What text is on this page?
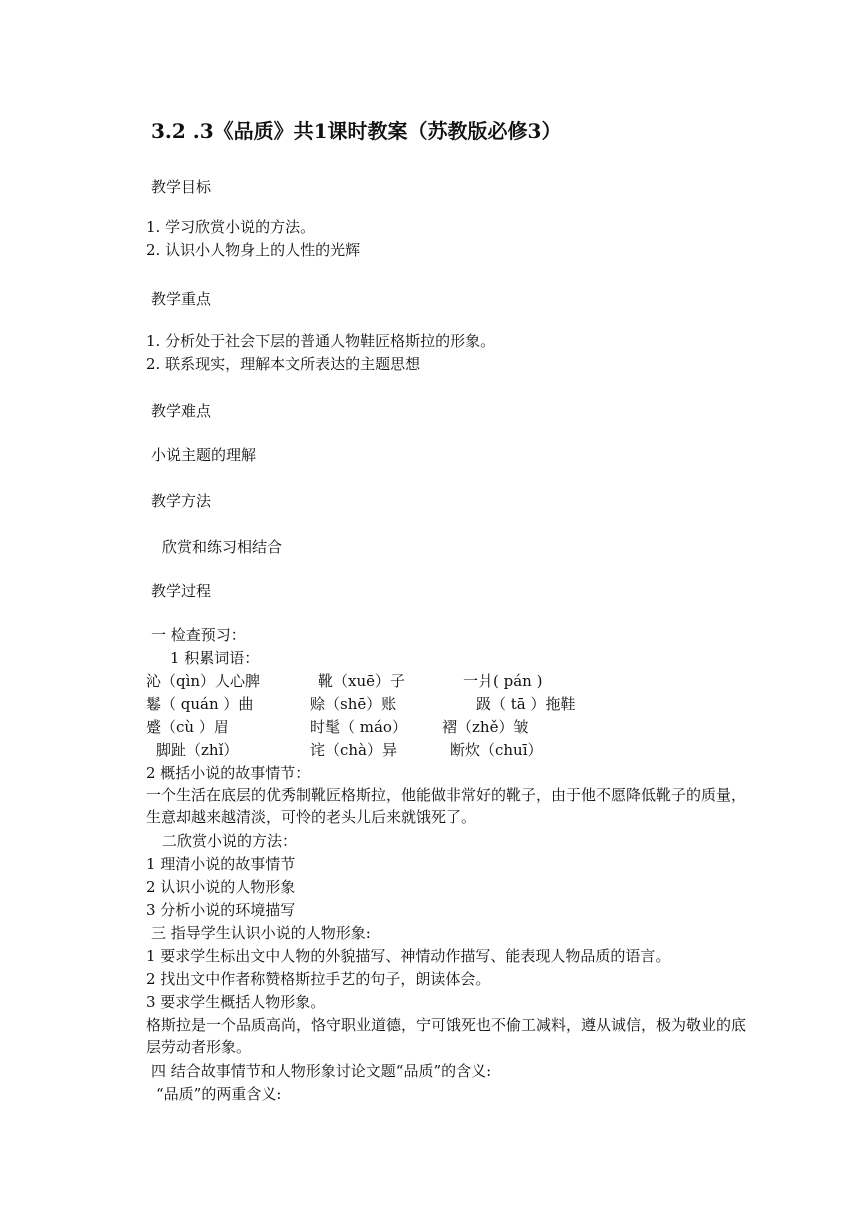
3.2 .3《品质》共1课时教案（苏教版必修3）
教学目标
1. 学习欣赏小说的方法。
2. 认识小人物身上的人性的光辉
教学重点
1. 分析处于社会下层的普通人物鞋匠格斯拉的形象。
2. 联系现实，理解本文所表达的主题思想
教学难点
小说主题的理解
教学方法
欣赏和练习相结合
教学过程
一 检查预习：
1 积累词语：
沁（qìn）人心脾	靴（xuē）子	一爿( pán )
鬈（ quán ）曲	赊（shē）账	趿（ tā ）拖鞋
蹙（cù ）眉	时髦（ máo） 褶（zhě）皱
脚趾（zhǐ）	诧（chà）异	断炊（chuī）
2 概括小说的故事情节：
一个生活在底层的优秀制靴匠格斯拉，他能做非常好的靴子，由于他不愿降低靴子的质量，生意却越来越清淡，可怜的老头儿后来就饿死了。
二欣赏小说的方法：
1 理清小说的故事情节
2 认识小说的人物形象
3 分析小说的环境描写
三 指导学生认识小说的人物形象:
1 要求学生标出文中人物的外貌描写、神情动作描写、能表现人物品质的语言。
2 找出文中作者称赞格斯拉手艺的句子，朗读体会。
3 要求学生概括人物形象。
格斯拉是一个品质高尚，恪守职业道德，宁可饿死也不偷工减料，遵从诚信，极为敬业的底层劳动者形象。
四 结合故事情节和人物形象讨论文题“品质”的含义:
“品质”的两重含义:
